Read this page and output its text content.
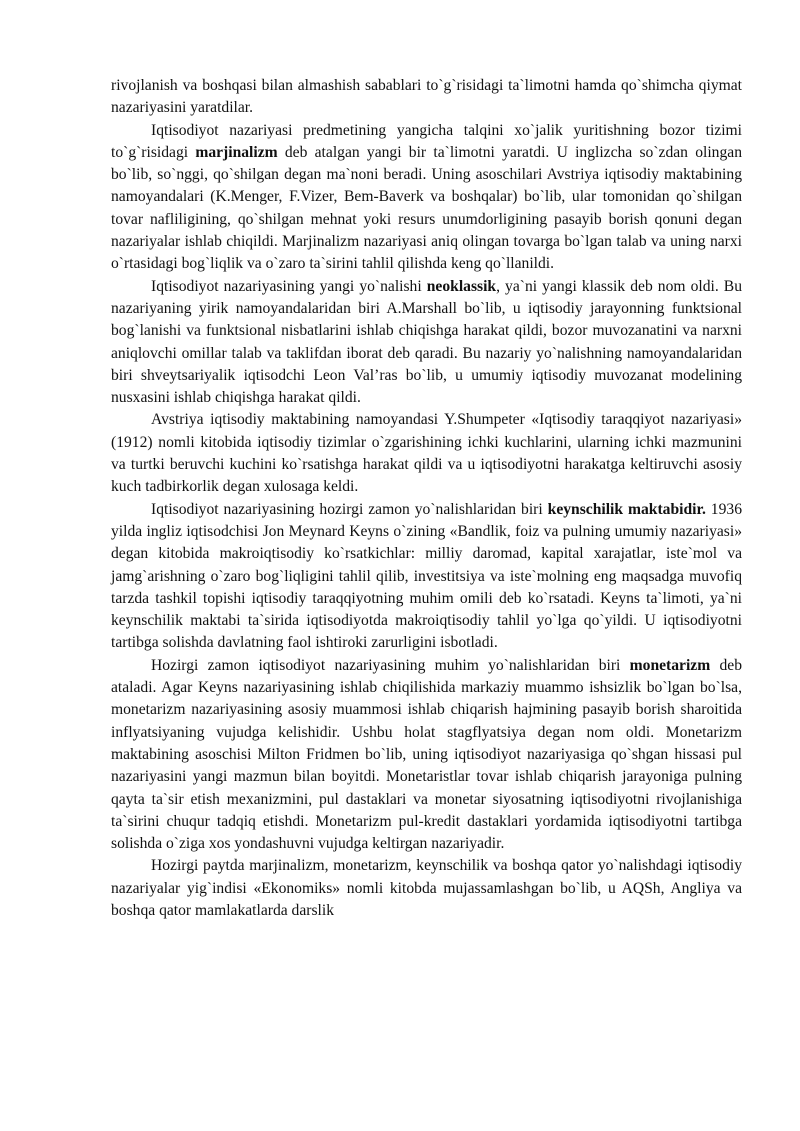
rivojlanish va boshqasi bilan almashish sabablari to`g`risidagi ta`limotni hamda qo`shimcha qiymat nazariyasini yaratdilar.

Iqtisodiyot nazariyasi predmetining yangicha talqini xo`jalik yuritishning bozor tizimi to`g`risidagi marjinalizm deb atalgan yangi bir ta`limotni yaratdi. U inglizcha so`zdan olingan bo`lib, so`nggi, qo`shilgan degan ma`noni beradi. Uning asoschilari Avstriya iqtisodiy maktabining namoyandalari (K.Menger, F.Vizer, Bem-Baverk va boshqalar) bo`lib, ular tomonidan qo`shilgan tovar nafliligining, qo`shilgan mehnat yoki resurs unumdorligining pasayib borish qonuni degan nazariyalar ishlab chiqildi. Marjinalizm nazariyasi aniq olingan tovarga bo`lgan talab va uning narxi o`rtasidagi bog`liqlik va o`zaro ta`sirini tahlil qilishda keng qo`llanildi.

Iqtisodiyot nazariyasining yangi yo`nalishi neoklassik, ya`ni yangi klassik deb nom oldi. Bu nazariyaning yirik namoyandalaridan biri A.Marshall bo`lib, u iqtisodiy jarayonning funktsional bog`lanishi va funktsional nisbatlarini ishlab chiqishga harakat qildi, bozor muvozanatini va narxni aniqlovchi omillar talab va taklifdan iborat deb qaradi. Bu nazariy yo`nalishning namoyandalaridan biri shveytsariyalik iqtisodchi Leon Val’ras bo`lib, u umumiy iqtisodiy muvozanat modelining nusxasini ishlab chiqishga harakat qildi.

Avstriya iqtisodiy maktabining namoyandasi Y.Shumpeter «Iqtisodiy taraqqiyot nazariyasi» (1912) nomli kitobida iqtisodiy tizimlar o`zgarishining ichki kuchlarini, ularning ichki mazmunini va turtki beruvchi kuchini ko`rsatishga harakat qildi va u iqtisodiyotni harakatga keltiruvchi asosiy kuch tadbirkorlik degan xulosaga keldi.

Iqtisodiyot nazariyasining hozirgi zamon yo`nalishlaridan biri keynschilik maktabidir. 1936 yilda ingliz iqtisodchisi Jon Meynard Keyns o`zining «Bandlik, foiz va pulning umumiy nazariyasi» degan kitobida makroiqtisodiy ko`rsatkichlar: milliy daromad, kapital xarajatlar, iste`mol va jamg`arishning o`zaro bog`liqligini tahlil qilib, investitsiya va iste`molning eng maqsadga muvofiq tarzda tashkil topishi iqtisodiy taraqqiyotning muhim omili deb ko`rsatadi. Keyns ta`limoti, ya`ni keynschilik maktabi ta`sirida iqtisodiyotda makroiqtisodiy tahlil yo`lga qo`yildi. U iqtisodiyotni tartibga solishda davlatning faol ishtiroki zarurligini isbotladi.

Hozirgi zamon iqtisodiyot nazariyasining muhim yo`nalishlaridan biri monetarizm deb ataladi. Agar Keyns nazariyasining ishlab chiqilishida markaziy muammo ishsizlik bo`lgan bo`lsa, monetarizm nazariyasining asosiy muammosi ishlab chiqarish hajmining pasayib borish sharoitida inflyatsiyaning vujudga kelishidir. Ushbu holat stagflyatsiya degan nom oldi. Monetarizm maktabining asoschisi Milton Fridmen bo`lib, uning iqtisodiyot nazariyasiga qo`shgan hissasi pul nazariyasini yangi mazmun bilan boyitdi. Monetaristlar tovar ishlab chiqarish jarayoniga pulning qayta ta`sir etish mexanizmini, pul dastaklari va monetar siyosatning iqtisodiyotni rivojlanishiga ta`sirini chuqur tadqiq etishdi. Monetarizm pul-kredit dastaklari yordamida iqtisodiyotni tartibga solishda o`ziga xos yondashuvni vujudga keltirgan nazariyadir.

Hozirgi paytda marjinalizm, monetarizm, keynschilik va boshqa qator yo`nalishdagi iqtisodiy nazariyalar yig`indisi «Ekonomiks» nomli kitobda mujassamlashgan bo`lib, u AQSh, Angliya va boshqa qator mamlakatlarda darslik
